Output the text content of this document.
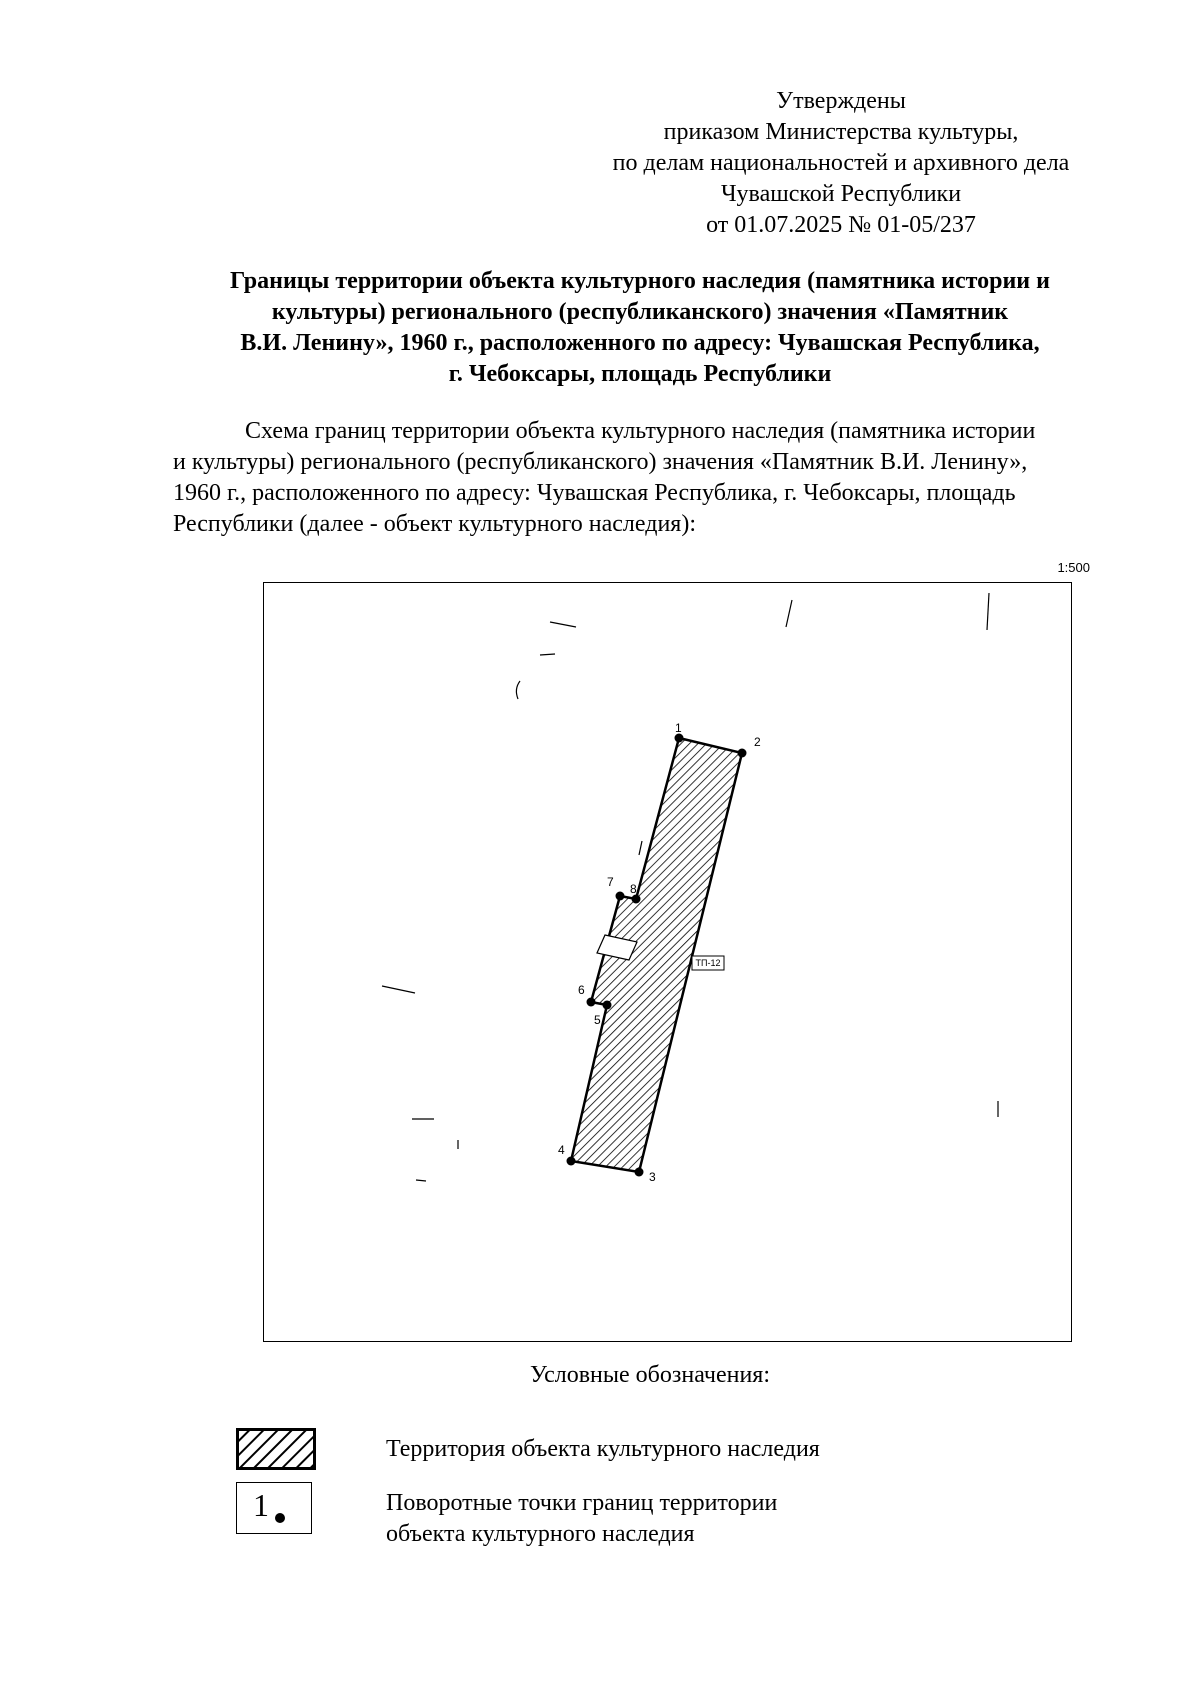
Утверждены
приказом Министерства культуры,
по делам национальностей и архивного дела
Чувашской Республики
от 01.07.2025 № 01-05/237
Границы территории объекта культурного наследия (памятника истории и
культуры) регионального (республиканского) значения «Памятник
В.И. Ленину», 1960 г., расположенного по адресу: Чувашская Республика,
г. Чебоксары, площадь Республики
Схема границ территории объекта культурного наследия (памятника истории
и культуры) регионального (республиканского) значения «Памятник В.И. Ленину»,
1960 г., расположенного по адресу: Чувашская Республика, г. Чебоксары, площадь
Республики (далее - объект культурного наследия):
1:500
ТП-12
1
2
3
4
5
6
7 8
Условные обозначения:
Территория объекта культурного наследия
1	Поворотные точки границ территории
объекта культурного наследия
